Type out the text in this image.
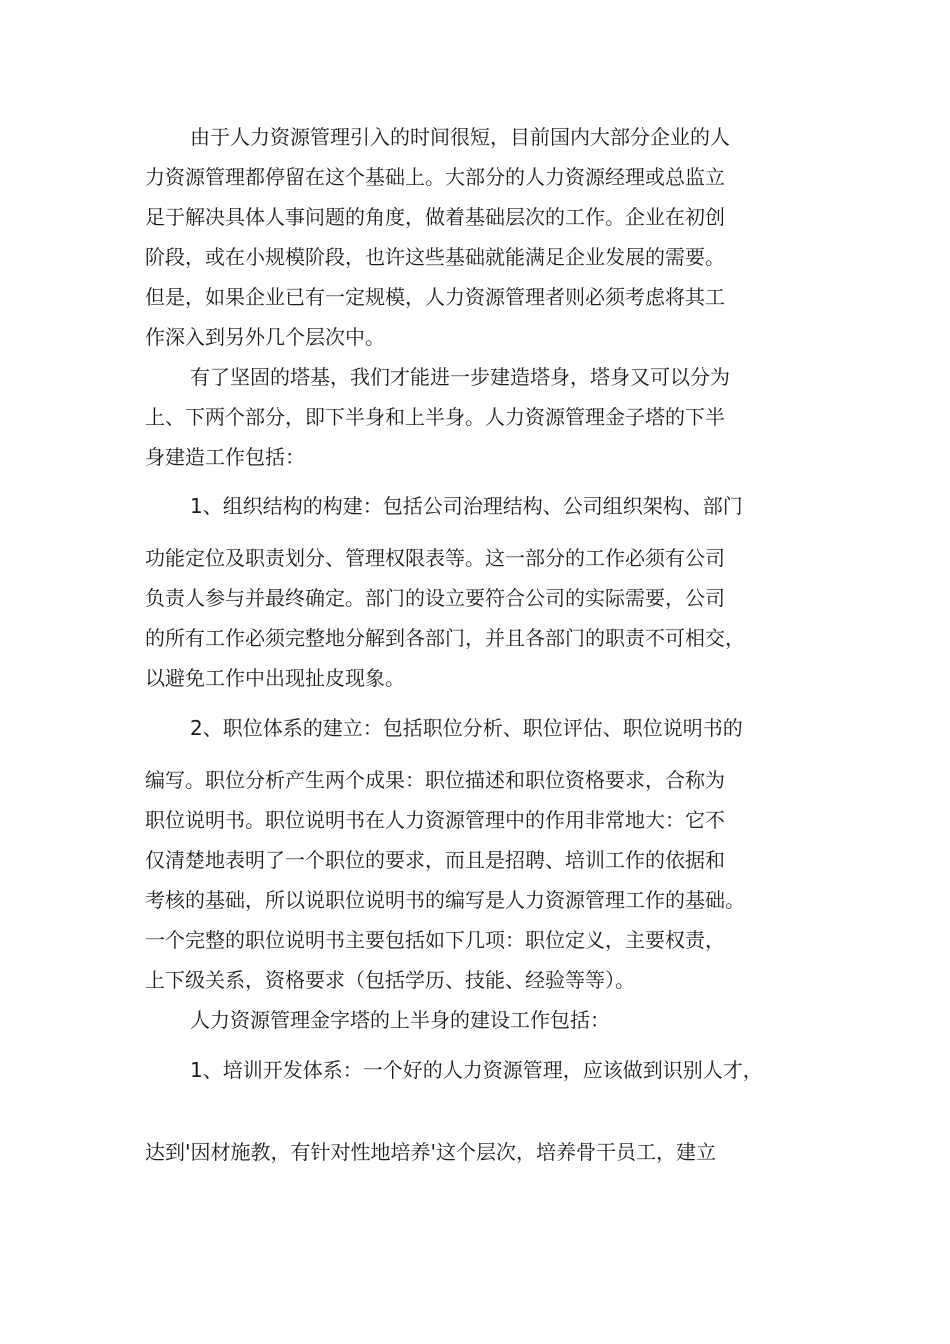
由于人力资源管理引入的时间很短，目前国内大部分企业的人

力资源管理都停留在这个基础上。大部分的人力资源经理或总监立

足于解决具体人事问题的角度，做着基础层次的工作。企业在初创

阶段，或在小规模阶段，也许这些基础就能满足企业发展的需要。

但是，如果企业已有一定规模，人力资源管理者则必须考虑将其工

作深入到另外几个层次中。

有了坚固的塔基，我们才能进一步建造塔身，塔身又可以分为

上、下两个部分，即下半身和上半身。人力资源管理金子塔的下半

身建造工作包括：

1、组织结构的构建：包括公司治理结构、公司组织架构、部门

功能定位及职责划分、管理权限表等。这一部分的工作必须有公司

负责人参与并最终确定。部门的设立要符合公司的实际需要，公司

的所有工作必须完整地分解到各部门，并且各部门的职责不可相交，

以避免工作中出现扯皮现象。

2、职位体系的建立：包括职位分析、职位评估、职位说明书的

编写。职位分析产生两个成果：职位描述和职位资格要求，合称为

职位说明书。职位说明书在人力资源管理中的作用非常地大：它不

仅清楚地表明了一个职位的要求，而且是招聘、培训工作的依据和

考核的基础，所以说职位说明书的编写是人力资源管理工作的基础。

一个完整的职位说明书主要包括如下几项：职位定义，主要权责，

上下级关系，资格要求（包括学历、技能、经验等等）。

人力资源管理金字塔的上半身的建设工作包括：

1、培训开发体系：一个好的人力资源管理，应该做到识别人才，

达到'因材施教，有针对性地培养'这个层次，培养骨干员工，建立
